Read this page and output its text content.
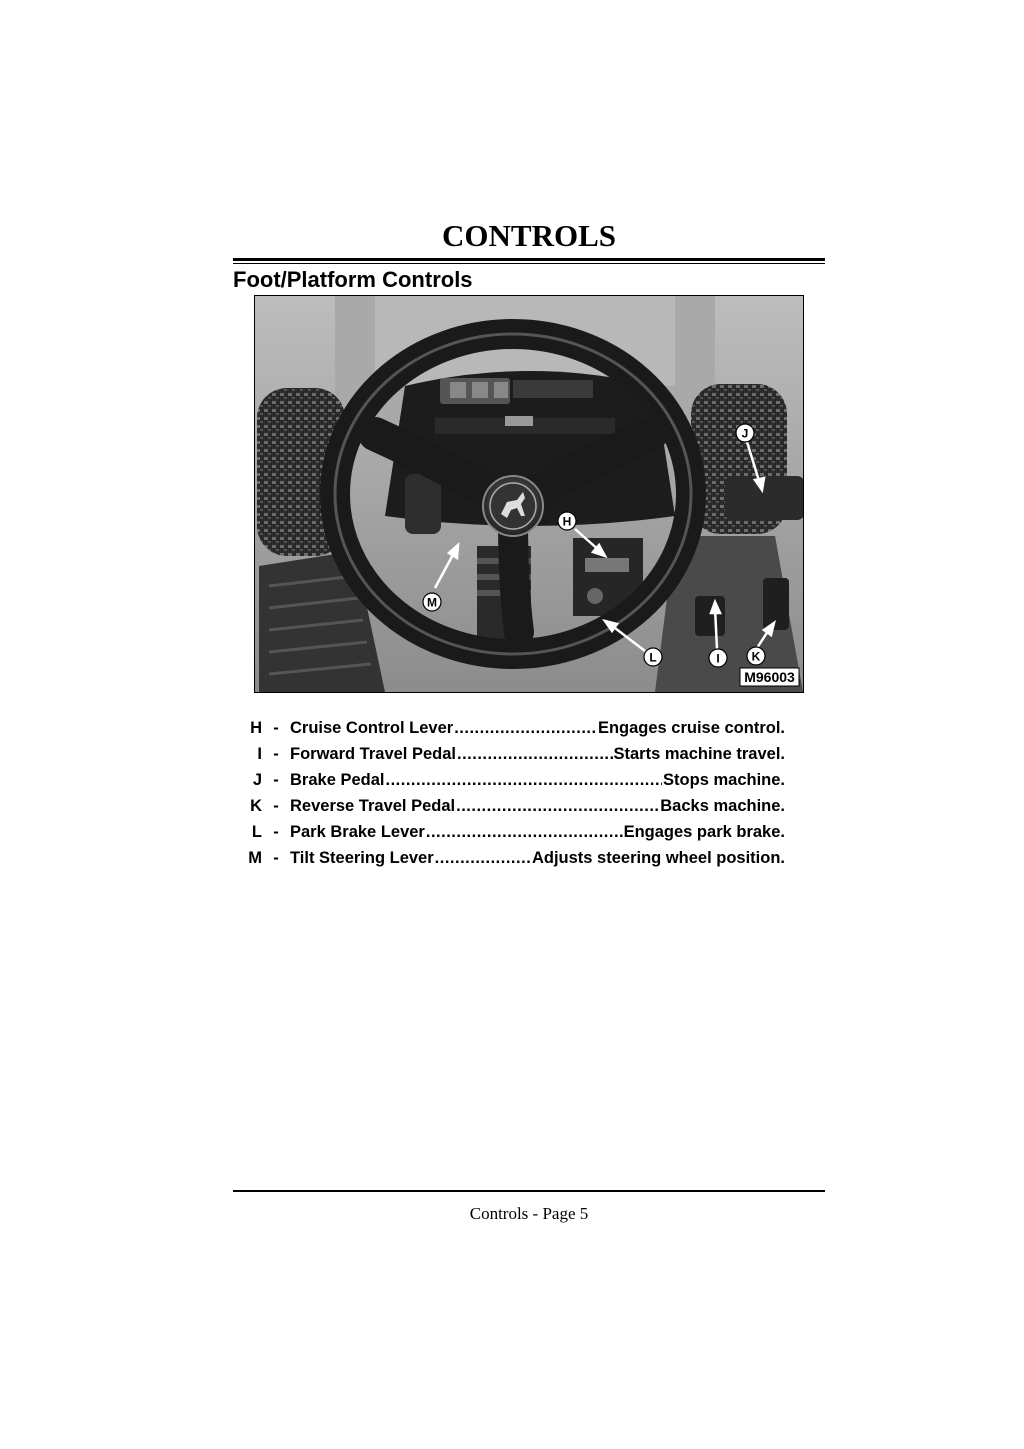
CONTROLS
Foot/Platform Controls
H
J
M
L	I	K
M96003
H - Cruise Control Lever .....	Engages cruise control.
I - Forward Travel Pedal .....	Starts machine travel.
J - Brake Pedal .....	Stops machine.
K - Reverse Travel Pedal .....	Backs machine.
L - Park Brake Lever .....	Engages park brake.
M - Tilt Steering Lever .....	Adjusts steering wheel position.
Controls - Page 5
